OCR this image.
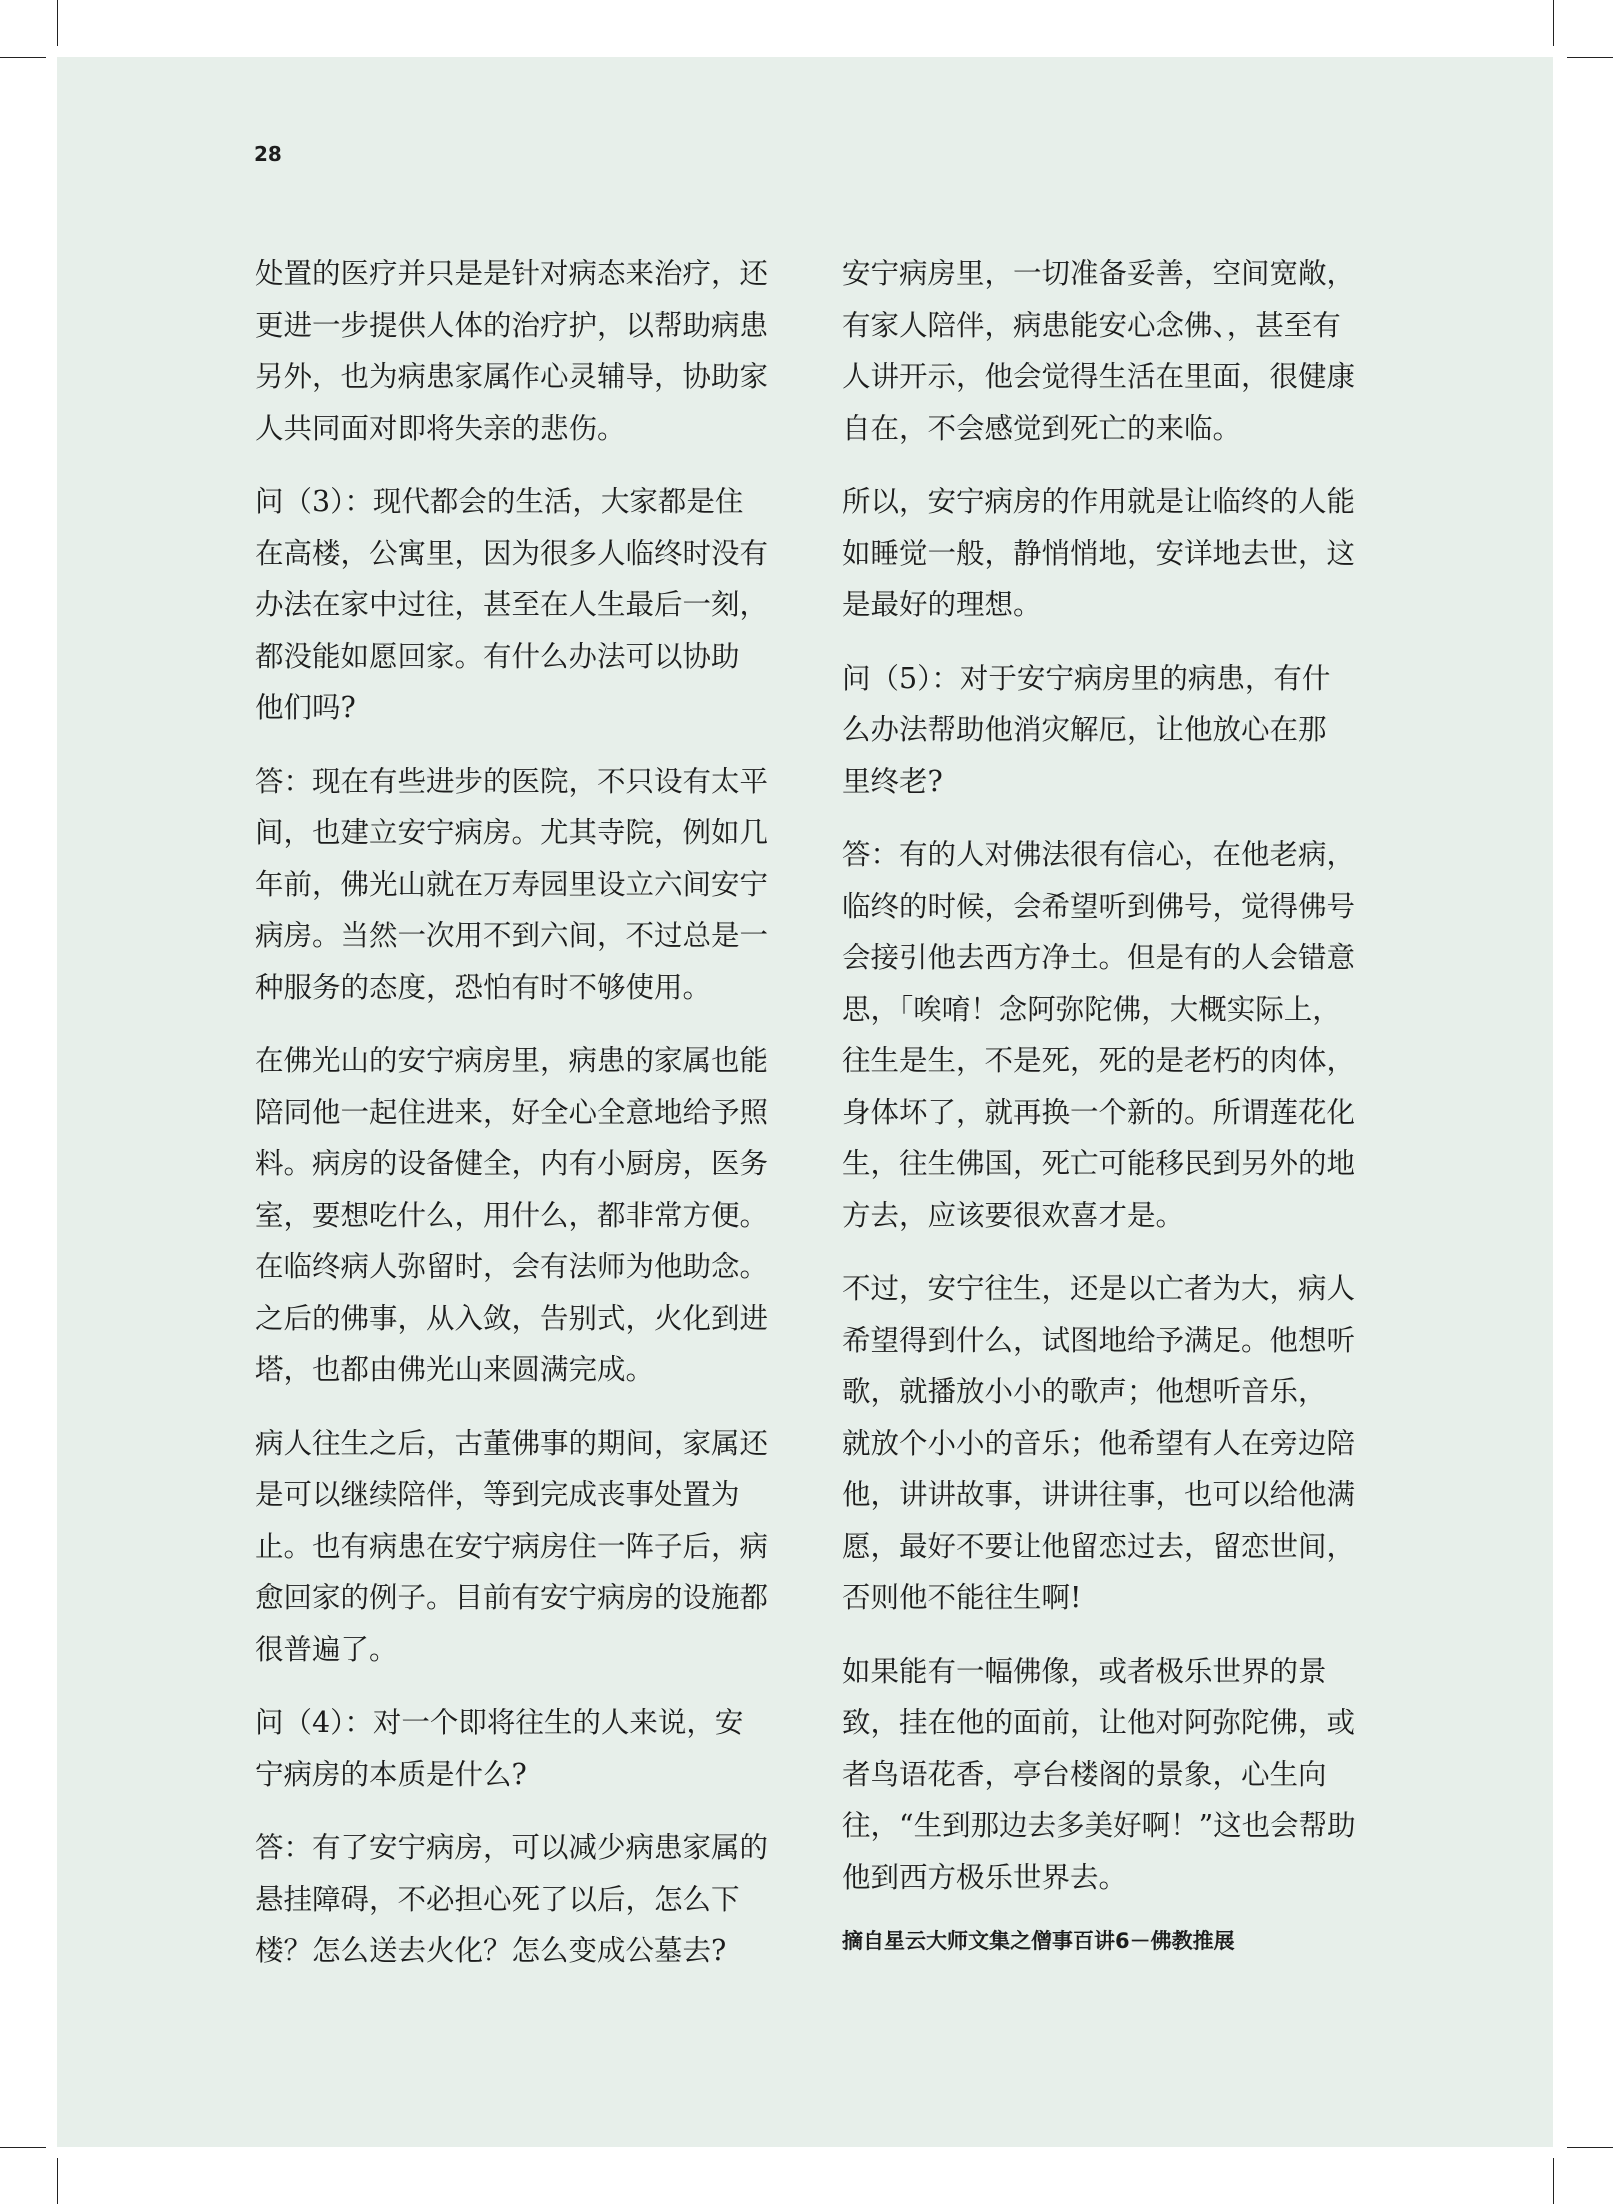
28

处置的医疗并只是是针对病态来治疗，还
更进一步提供人体的治疗护，以帮助病患
另外，也为病患家属作心灵辅导，协助家
人共同面对即将失亲的悲伤。

问（3）：现代都会的生活，大家都是住
在高楼，公寓里，因为很多人临终时没有
办法在家中过往，甚至在人生最后一刻，
都没能如愿回家。有什么办法可以协助
他们吗?

答：现在有些进步的医院，不只设有太平
间，也建立安宁病房。尤其寺院，例如几
年前，佛光山就在万寿园里设立六间安宁
病房。当然一次用不到六间，不过总是一
种服务的态度，恐怕有时不够使用。

在佛光山的安宁病房里，病患的家属也能
陪同他一起住进来，好全心全意地给予照
料。病房的设备健全，内有小厨房，医务
室，要想吃什么，用什么，都非常方便。
在临终病人弥留时，会有法师为他助念。
之后的佛事，从入敛，告别式，火化到进
塔，也都由佛光山来圆满完成。

病人往生之后，古董佛事的期间，家属还
是可以继续陪伴，等到完成丧事处置为
止。也有病患在安宁病房住一阵子后，病
愈回家的例子。目前有安宁病房的设施都
很普遍了。

问（4）：对一个即将往生的人来说，安
宁病房的本质是什么?

答：有了安宁病房，可以减少病患家属的
悬挂障碍，不必担心死了以后，怎么下
楼？怎么送去火化？怎么变成公墓去?

安宁病房里，一切准备妥善，空间宽敞，
有家人陪伴，病患能安心念佛、，甚至有
人讲开示，他会觉得生活在里面，很健康
自在，不会感觉到死亡的来临。

所以，安宁病房的作用就是让临终的人能
如睡觉一般，静悄悄地，安详地去世，这
是最好的理想。

问（5）：对于安宁病房里的病患，有什
么办法帮助他消灾解厄，让他放心在那
里终老?

答：有的人对佛法很有信心，在他老病，
临终的时候，会希望听到佛号，觉得佛号
会接引他去西方净土。但是有的人会错意
思，「唉唷！念阿弥陀佛，大概实际上，
往生是生，不是死，死的是老朽的肉体，
身体坏了，就再换一个新的。所谓莲花化
生，往生佛国，死亡可能移民到另外的地
方去，应该要很欢喜才是。

不过，安宁往生，还是以亡者为大，病人
希望得到什么，试图地给予满足。他想听
歌，就播放小小的歌声；他想听音乐，
就放个小小的音乐；他希望有人在旁边陪
他，讲讲故事，讲讲往事，也可以给他满
愿，最好不要让他留恋过去，留恋世间，
否则他不能往生啊!

如果能有一幅佛像，或者极乐世界的景
致，挂在他的面前，让他对阿弥陀佛，或
者鸟语花香，亭台楼阁的景象，心生向
往，“生到那边去多美好啊！”这也会帮助
他到西方极乐世界去。

摘自星云大师文集之僧事百讲6－佛教推展
